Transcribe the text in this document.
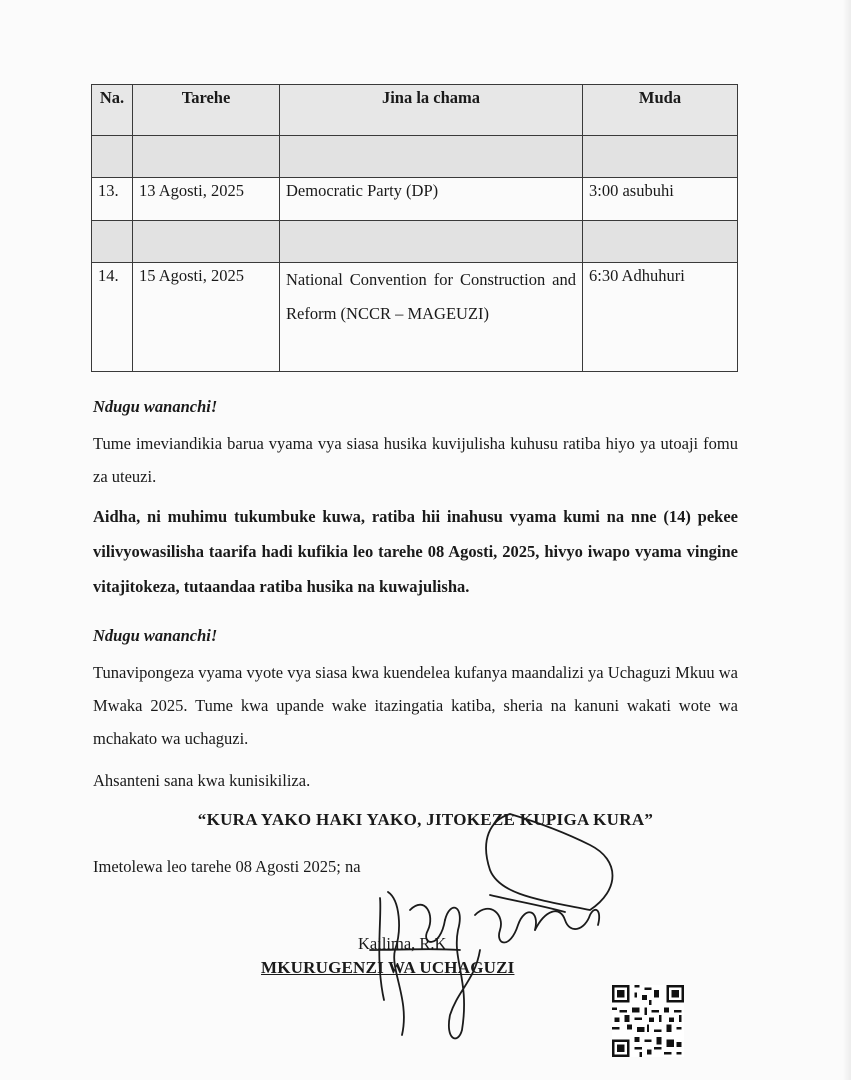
Na.	Tarehe	Jina la chama	Muda

13.	13 Agosti, 2025	Democratic Party (DP)	3:00 asubuhi

14.	15 Agosti, 2025	National Convention for Construction and Reform (NCCR – MAGEUZI)	6:30 Adhuhuri
Ndugu wananchi!
Tume imeviandikia barua vyama vya siasa husika kuvijulisha kuhusu ratiba hiyo ya utoaji fomu za uteuzi.
Aidha, ni muhimu tukumbuke kuwa, ratiba hii inahusu vyama kumi na nne (14) pekee vilivyowasilisha taarifa hadi kufikia leo tarehe 08 Agosti, 2025, hivyo iwapo vyama vingine vitajitokeza, tutaandaa ratiba husika na kuwajulisha.
Ndugu wananchi!
Tunavipongeza vyama vyote vya siasa kwa kuendelea kufanya maandalizi ya Uchaguzi Mkuu wa Mwaka 2025. Tume kwa upande wake itazingatia katiba, sheria na kanuni wakati wote wa mchakato wa uchaguzi.
Ahsanteni sana kwa kunisikiliza.
“KURA YAKO HAKI YAKO, JITOKEZE KUPIGA KURA”
Imetolewa leo tarehe 08 Agosti 2025; na
Kailima, R.K
MKURUGENZI WA UCHAGUZI
